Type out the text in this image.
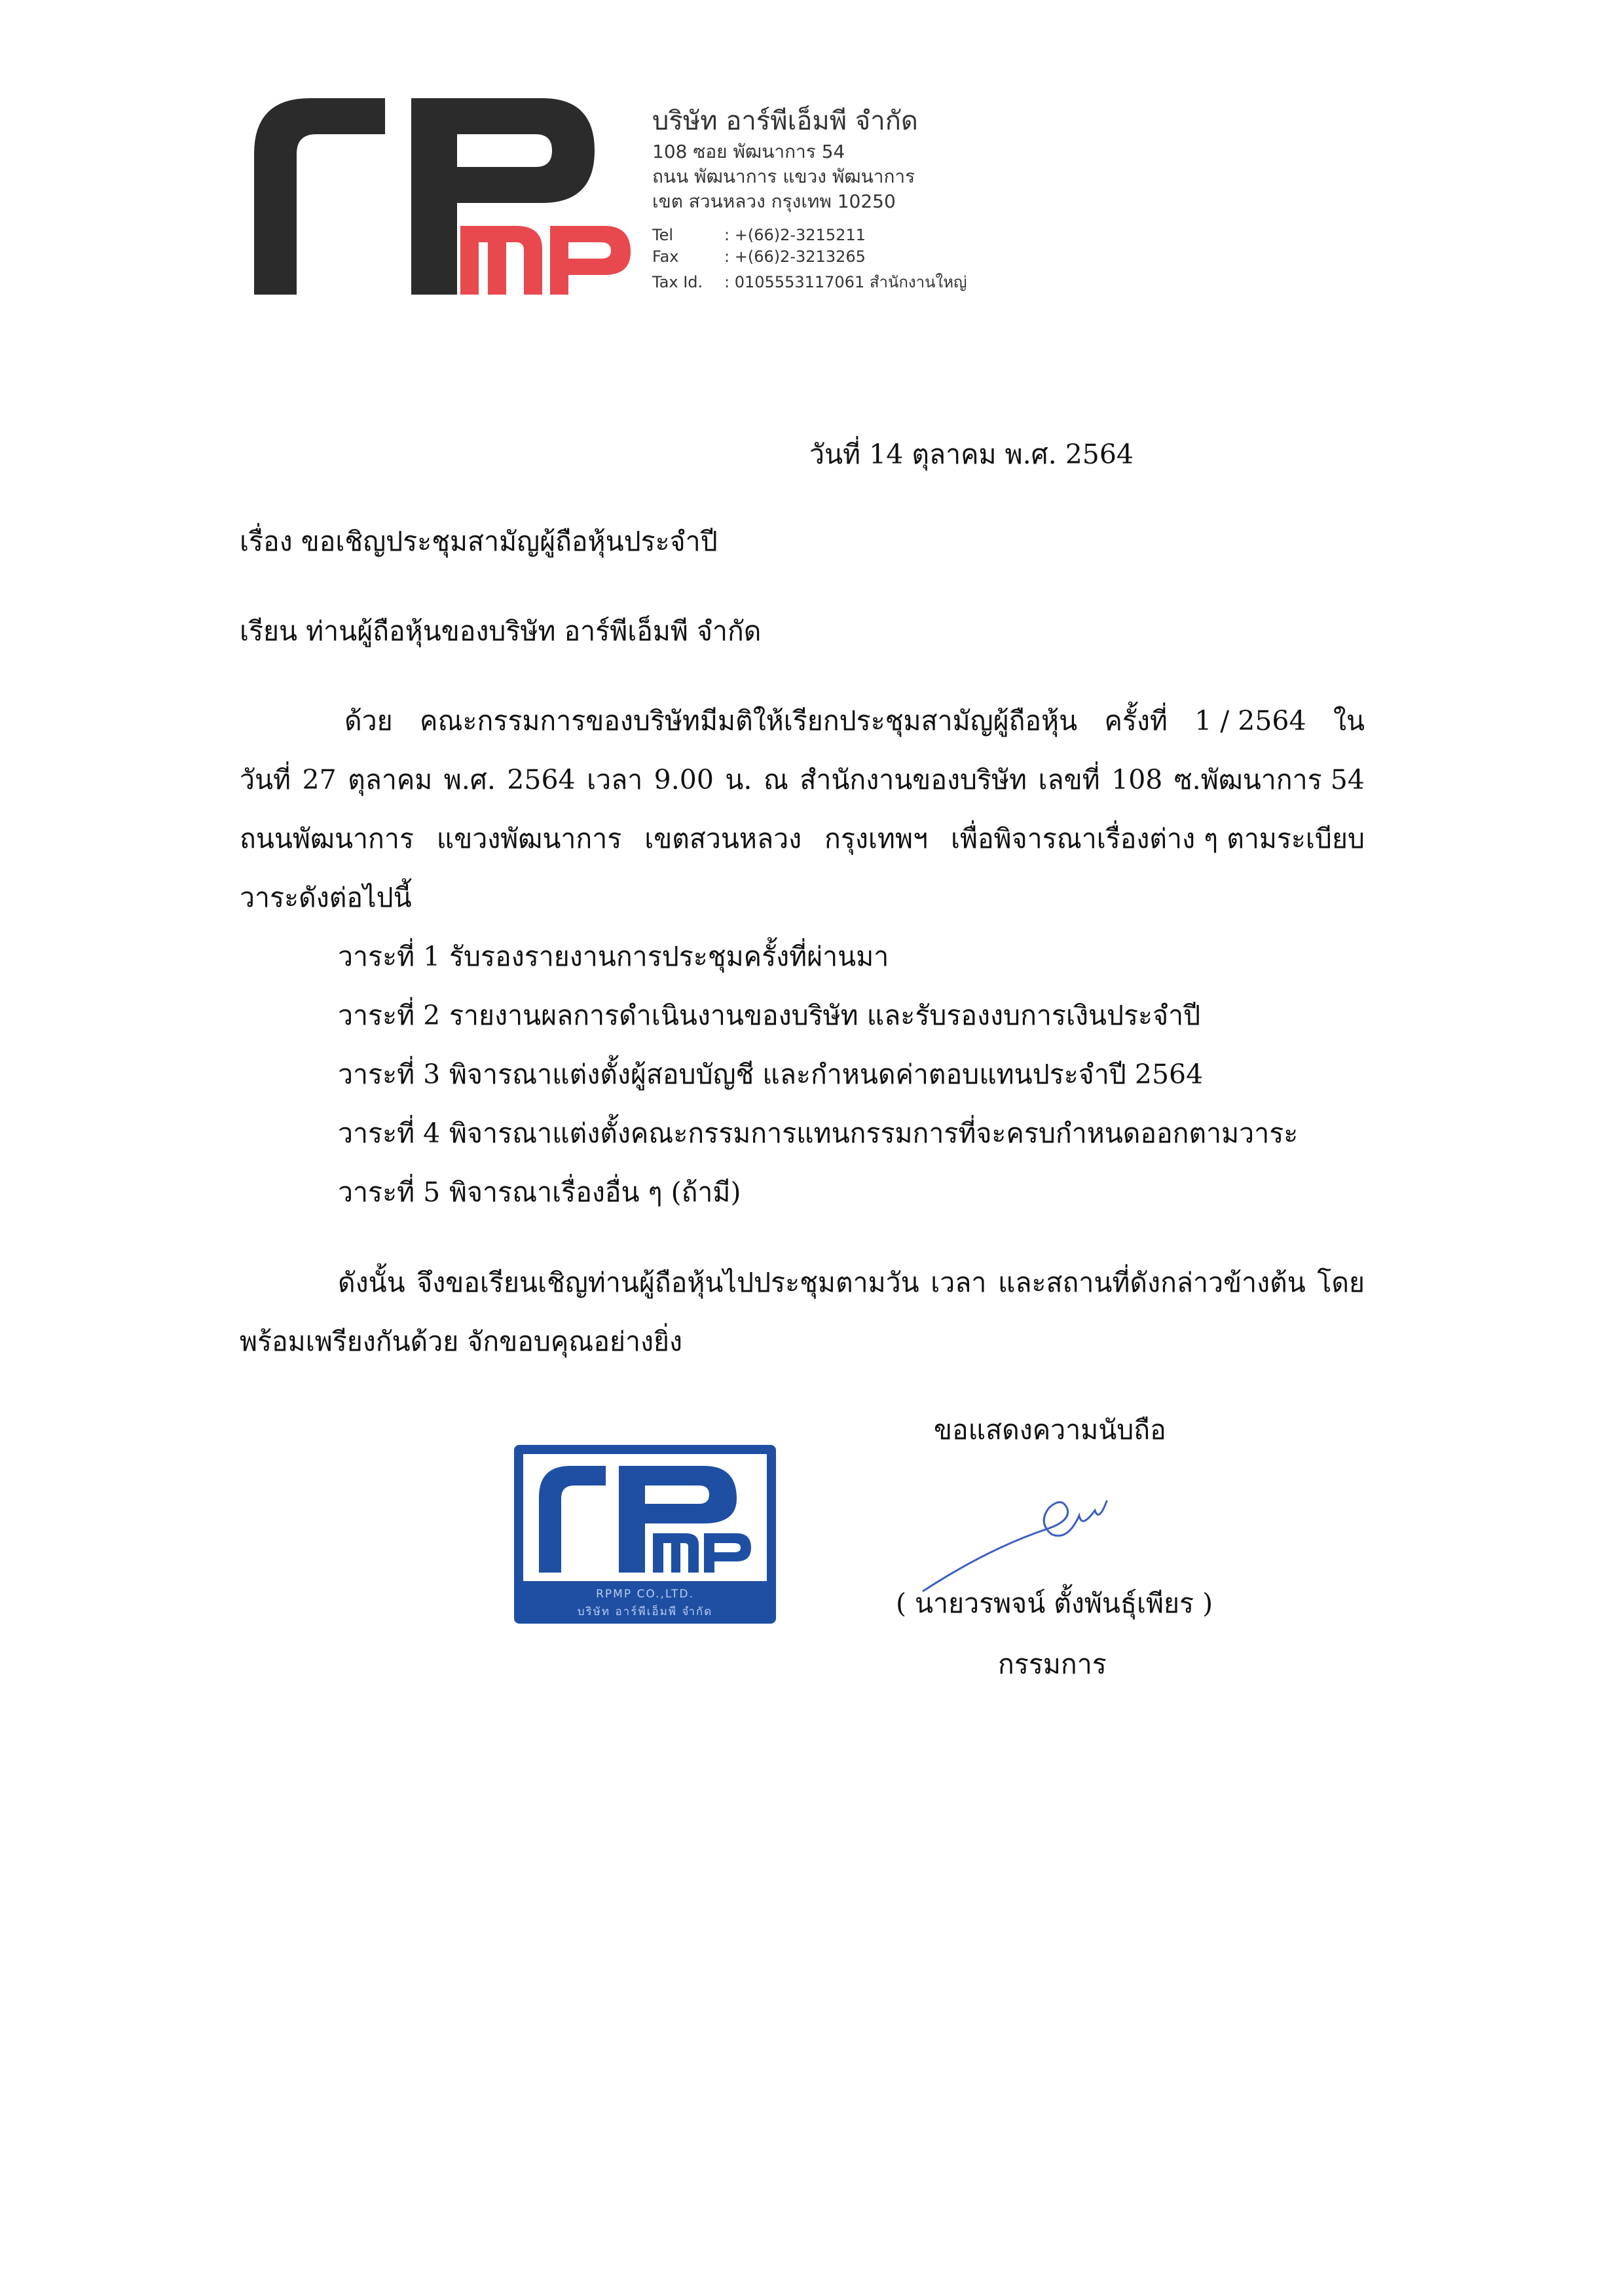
บริษัท อาร์พีเอ็มพี จำกัด
108 ซอย พัฒนาการ 54
ถนน พัฒนาการ แขวง พัฒนาการ
เขต สวนหลวง กรุงเทพ 10250
Tel	: +(66)2-3215211
Fax	: +(66)2-3213265
Tax Id. : 0105553117061 สำนักงานใหญ่
วันที่ 14 ตุลาคม พ.ศ. 2564
เรื่อง ขอเชิญประชุมสามัญผู้ถือหุ้นประจำปี
เรียน ท่านผู้ถือหุ้นของบริษัท อาร์พีเอ็มพี จำกัด
ด้วย คณะกรรมการของบริษัทมีมติให้เรียกประชุมสามัญผู้ถือหุ้น ครั้งที่ 1 / 2564 ใน
วันที่ 27 ตุลาคม พ.ศ. 2564 เวลา 9.00 น. ณ สำนักงานของบริษัท เลขที่ 108 ซ.พัฒนาการ 54
ถนนพัฒนาการ แขวงพัฒนาการ เขตสวนหลวง กรุงเทพฯ เพื่อพิจารณาเรื่องต่าง ๆ ตามระเบียบ
วาระดังต่อไปนี้
วาระที่ 1 รับรองรายงานการประชุมครั้งที่ผ่านมา
วาระที่ 2 รายงานผลการดำเนินงานของบริษัท และรับรองงบการเงินประจำปี
วาระที่ 3 พิจารณาแต่งตั้งผู้สอบบัญชี และกำหนดค่าตอบแทนประจำปี 2564
วาระที่ 4 พิจารณาแต่งตั้งคณะกรรมการแทนกรรมการที่จะครบกำหนดออกตามวาระ
วาระที่ 5 พิจารณาเรื่องอื่น ๆ (ถ้ามี)
ดังนั้น จึงขอเรียนเชิญท่านผู้ถือหุ้นไปประชุมตามวัน เวลา และสถานที่ดังกล่าวข้างต้น โดย
พร้อมเพรียงกันด้วย จักขอบคุณอย่างยิ่ง
ขอแสดงความนับถือ
RPMP CO.,LTD.
บริษัท อาร์พีเอ็มพี จำกัด	( นายวรพจน์ ตั้งพันธุ์เพียร )
กรรมการ
